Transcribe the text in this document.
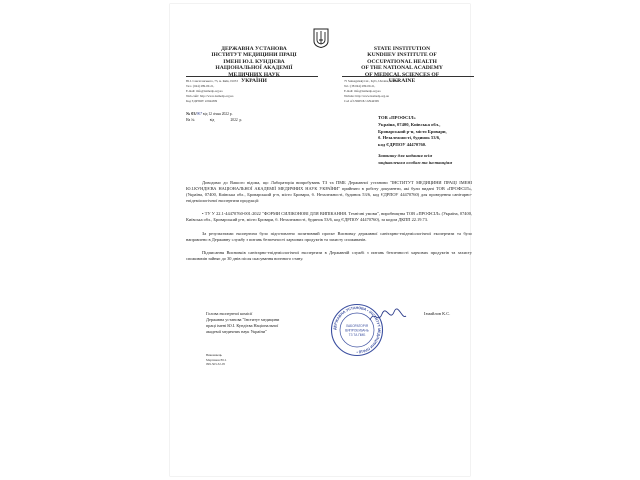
ДЕРЖАВНА УСТАНОВА
ІНСТИТУТ МЕДИЦИНИ ПРАЦІ
ІМЕНІ Ю.І. КУНДІЄВА
НАЦІОНАЛЬНОЇ АКАДЕМІЇ
МЕДИЧНИХ НАУК
УКРАЇНИ
STATE INSTITUTION
KUNDIIEV INSTITUTE OF
OCCUPATIONAL HEALTH
OF THE NATIONAL ACADEMY
OF MEDICAL SCIENCES OF
UKRAINE
Ю.І. Саксаганського, 75, м. Київ, 01033
Тел.: (044) 289-00-21,
E-mail: info@issmedp.org.ua
Web-сайт: http://www.issmedp.org.ua
Код ЄДРПОУ 22944309
75 Saksaganskyi str., Kyiv, Ukraine, 01033
Tel.: (38 044) 289-00-21,
E-mail: info@issmedp.org.ua
Website: http://www.issmedp.org.ua
Cod of USREOU 22944309
№ 03/907 від 12 січня 2022 р.
На №                 від                  2022  р.	ТОВ «ПРОФСІЛ»
Україна, 07400, Київська обл.,
Броварський р-н, місто Бровари,
б. Незалежності, будинок 53/6,
код ЄДРПОУ 44470760.
Заявнику для надання всім
зацікавленим особам та інстанціям

Доводимо до Вашого відома, що Лабораторія випробувань ТЗ та ПМБ Державної установи "ІНСТИТУТ МЕДИЦИНИ ПРАЦІ ІМЕНІ Ю.І.КУНДІЄВА НАЦІОНАЛЬНОЇ АКАДЕМІЇ МЕДИЧНИХ НАУК УКРАЇНИ" прийнято в роботу документи, які були видані ТОВ «ПРОФСІЛ», (Україна, 07400, Київська обл., Броварський р-н, місто Бровари, б. Незалежності, будинок 53/6, код ЄДРПОУ 44470760) для проведення санітарно-епідеміологічної експертизи продукції:

• ТУ У 22.1-44470760-001:2022 "ФОРМИ СИЛІКОНОВІ ДЛЯ ВИПІКАННЯ. Технічні умови", виробництва ТОВ «ПРОФСІЛ» (Україна, 07400, Київська обл., Броварський р-н, місто Бровари, б. Незалежності, будинок 53/6, код ЄДРПОУ 44470760), за кодом ДКПП 22.19.73.

За результатами експертизи було підготовлено позитивний проєкт Висновку державної санітарно-епідеміологічної експертизи та було направлено в Державну службу з питань безпечності харчових продуктів та захисту споживачів.

Підписання Висновків санітарно-епідеміологічної експертизи в Державній службі з питань безпечності харчових продуктів та захисту споживачів зайняє до 30 днів після скасування воєнного стану.

Голова експертної комісії
Державна установа "Інститут медицини
праці імені Ю.І. Кундієва Національної
академії медичних наук України"
ДЕРЖАВНА УСТАНОВА • ІНСТИТУТ МЕДИЦИНИ ПРАЦІ •
ЛАБОРАТОРІЯ
ВИПРОБУВАНЬ
ТЗ ТА ПМБ
Ізмайлов К.С.
Виконавець
Мартинов Ю.І.
099-563-32-05
